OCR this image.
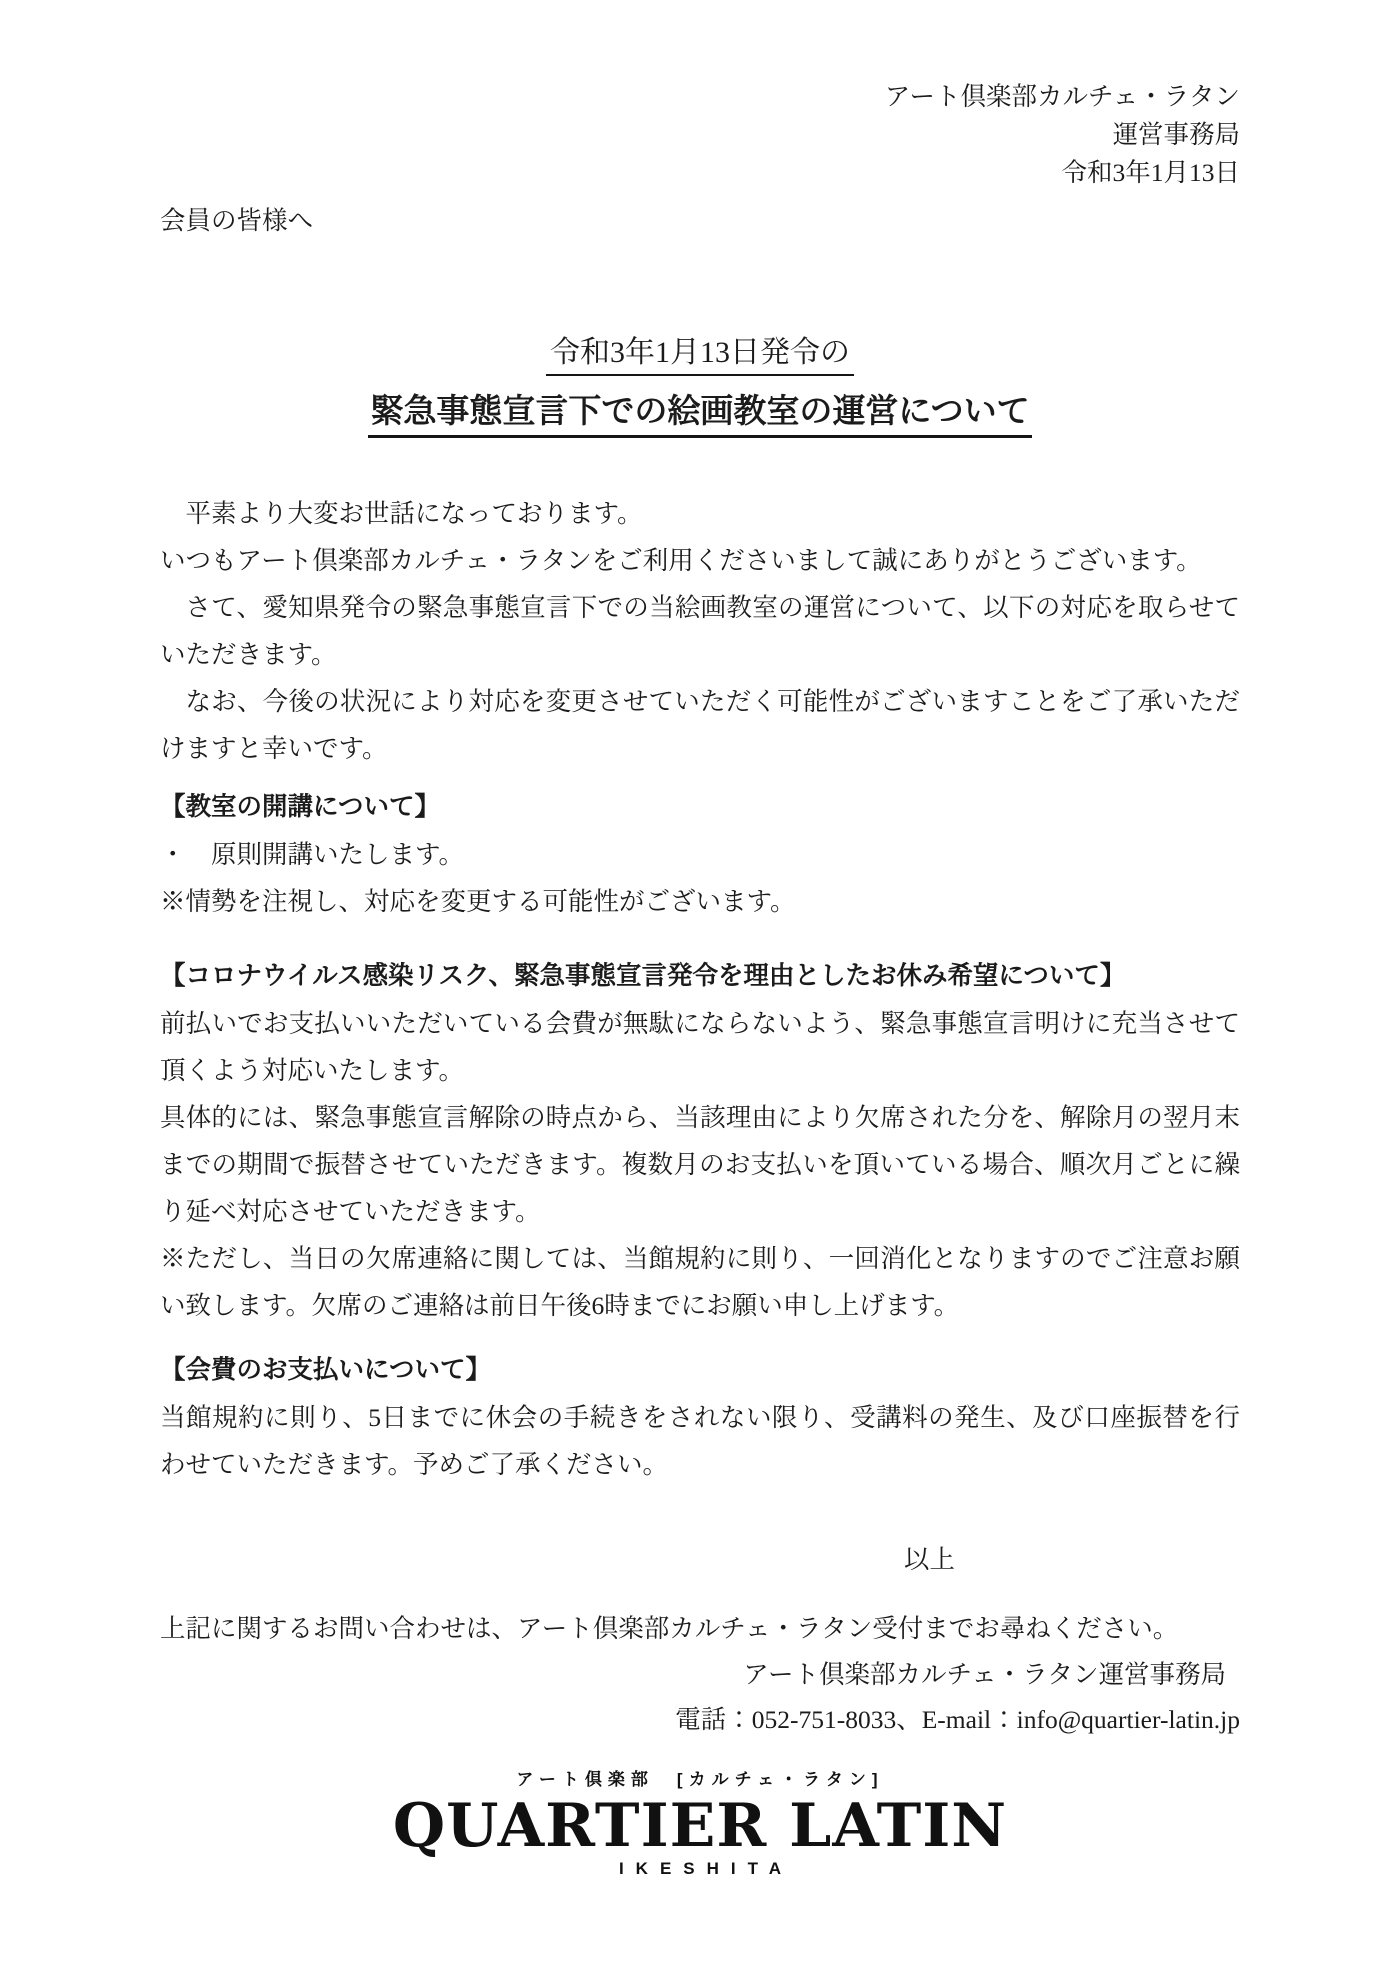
アート倶楽部カルチェ・ラタン
運営事務局
令和3年1月13日
会員の皆様へ
令和3年1月13日発令の
緊急事態宣言下での絵画教室の運営について

平素より大変お世話になっております。

いつもアート倶楽部カルチェ・ラタンをご利用くださいまして誠にありがとうございます。

さて、愛知県発令の緊急事態宣言下での当絵画教室の運営について、以下の対応を取らせていただきます。

なお、今後の状況により対応を変更させていただく可能性がございますことをご了承いただけますと幸いです。

【教室の開講について】

・　原則開講いたします。

※情勢を注視し、対応を変更する可能性がございます。

【コロナウイルス感染リスク、緊急事態宣言発令を理由としたお休み希望について】

前払いでお支払いいただいている会費が無駄にならないよう、緊急事態宣言明けに充当させて頂くよう対応いたします。

具体的には、緊急事態宣言解除の時点から、当該理由により欠席された分を、解除月の翌月末までの期間で振替させていただきます。複数月のお支払いを頂いている場合、順次月ごとに繰り延べ対応させていただきます。

※ただし、当日の欠席連絡に関しては、当館規約に則り、一回消化となりますのでご注意お願い致します。欠席のご連絡は前日午後6時までにお願い申し上げます。

【会費のお支払いについて】

当館規約に則り、5日までに休会の手続きをされない限り、受講料の発生、及び口座振替を行わせていただきます。予めご了承ください。

以上

上記に関するお問い合わせは、アート倶楽部カルチェ・ラタン受付までお尋ねください。

アート倶楽部カルチェ・ラタン運営事務局

電話：052-751-8033、E-mail：info@quartier-latin.jp

アート倶楽部　[カルチェ・ラタン]
QUARTIER LATIN
IKESHITA
